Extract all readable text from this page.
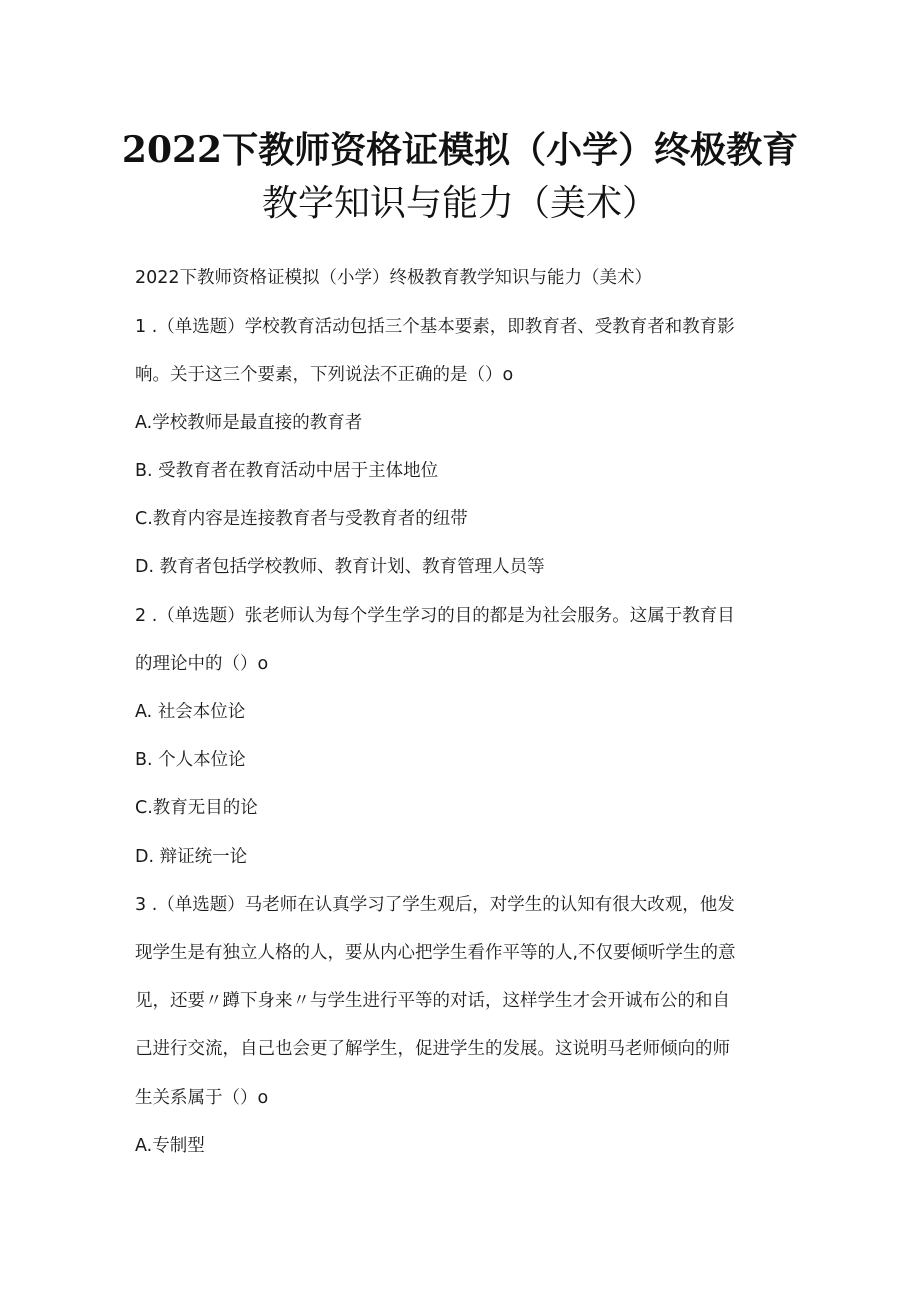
2022下教师资格证模拟（小学）终极教育
教学知识与能力（美术）

2022下教师资格证模拟（小学）终极教育教学知识与能力（美术）

1 .（单选题）学校教育活动包括三个基本要素，即教育者、受教育者和教育影

响。关于这三个要素，下列说法不正确的是（）o

A.学校教师是最直接的教育者

B. 受教育者在教育活动中居于主体地位

C.教育内容是连接教育者与受教育者的纽带

D. 教育者包括学校教师、教育计划、教育管理人员等

2 .（单选题）张老师认为每个学生学习的目的都是为社会服务。这属于教育目

的理论中的（）o

A. 社会本位论

B. 个人本位论

C.教育无目的论

D. 辩证统一论

3 .（单选题）马老师在认真学习了学生观后，对学生的认知有很大改观，他发

现学生是有独立人格的人，要从内心把学生看作平等的人,不仅要倾听学生的意

见，还要〃蹲下身来〃与学生进行平等的对话，这样学生才会开诚布公的和自

己进行交流，自己也会更了解学生，促进学生的发展。这说明马老师倾向的师

生关系属于（）o

A.专制型
